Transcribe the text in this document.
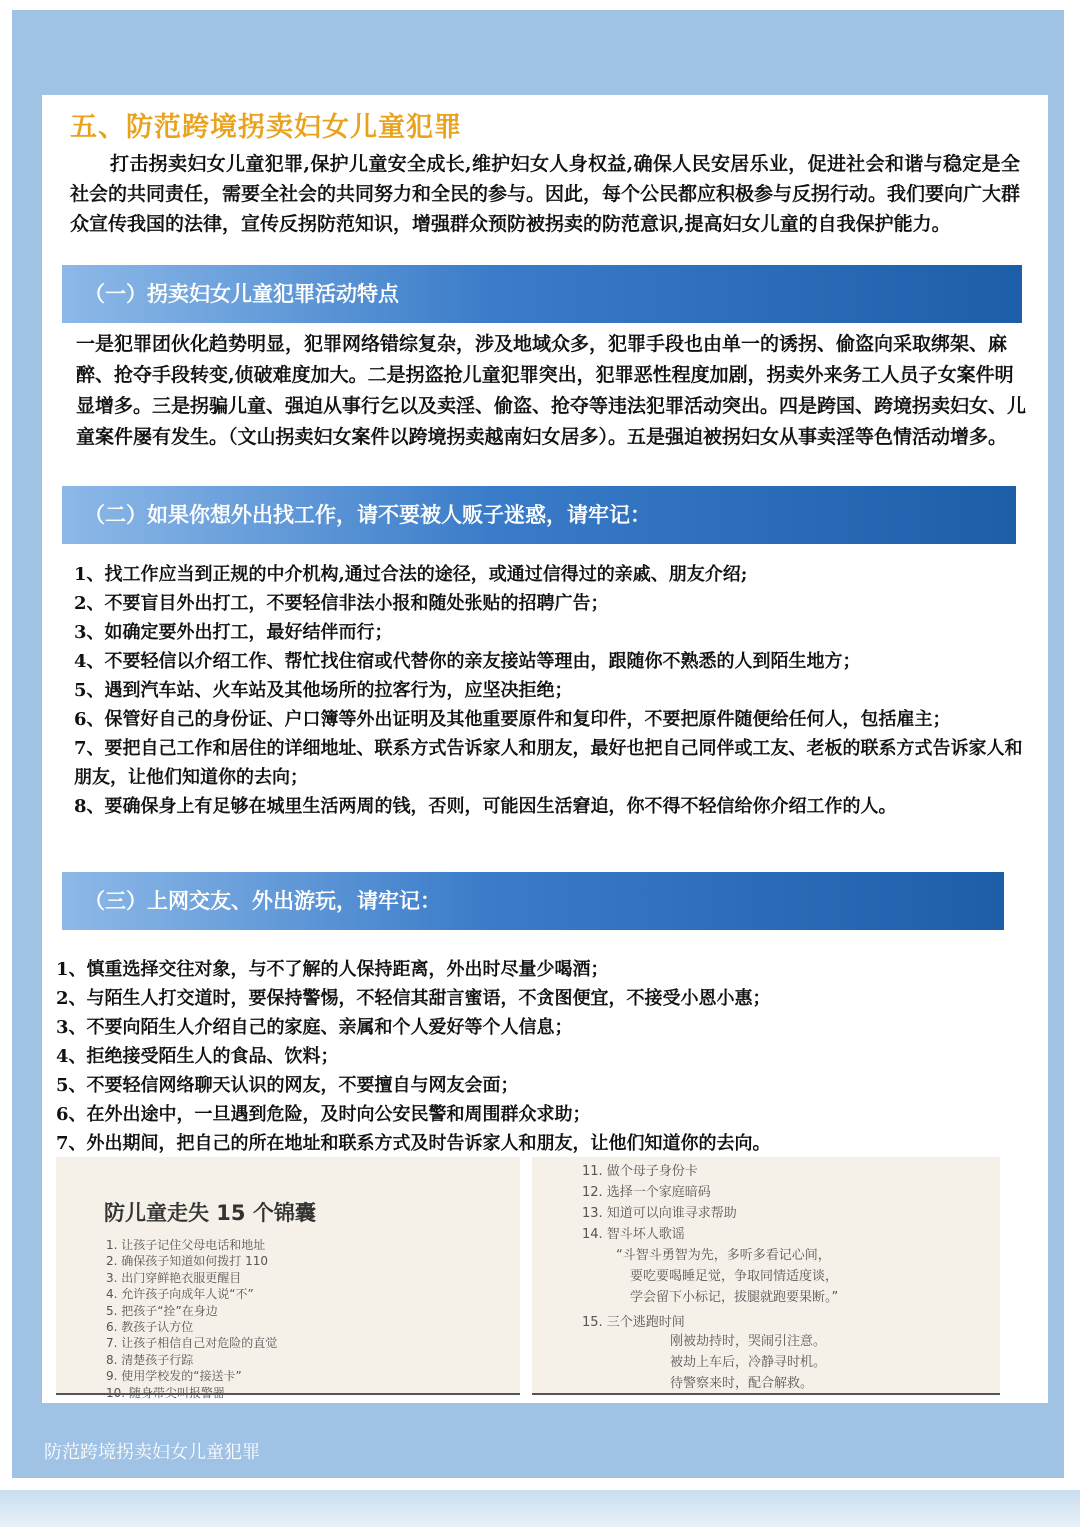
五、防范跨境拐卖妇女儿童犯罪
打击拐卖妇女儿童犯罪,保护儿童安全成长,维护妇女人身权益,确保人民安居乐业，促进社会和谐与稳定是全社会的共同责任，需要全社会的共同努力和全民的参与。因此，每个公民都应积极参与反拐行动。我们要向广大群众宣传我国的法律，宣传反拐防范知识，增强群众预防被拐卖的防范意识,提高妇女儿童的自我保护能力。
（一）拐卖妇女儿童犯罪活动特点
一是犯罪团伙化趋势明显，犯罪网络错综复杂，涉及地域众多，犯罪手段也由单一的诱拐、偷盗向采取绑架、麻醉、抢夺手段转变,侦破难度加大。二是拐盗抢儿童犯罪突出，犯罪恶性程度加剧，拐卖外来务工人员子女案件明显增多。三是拐骗儿童、强迫从事行乞以及卖淫、偷盗、抢夺等违法犯罪活动突出。四是跨国、跨境拐卖妇女、儿童案件屡有发生。（文山拐卖妇女案件以跨境拐卖越南妇女居多）。五是强迫被拐妇女从事卖淫等色情活动增多。
（二）如果你想外出找工作，请不要被人贩子迷惑，请牢记：
1、找工作应当到正规的中介机构,通过合法的途径，或通过信得过的亲戚、朋友介绍;
2、不要盲目外出打工，不要轻信非法小报和随处张贴的招聘广告；
3、如确定要外出打工，最好结伴而行；
4、不要轻信以介绍工作、帮忙找住宿或代替你的亲友接站等理由，跟随你不熟悉的人到陌生地方；
5、遇到汽车站、火车站及其他场所的拉客行为，应坚决拒绝；
6、保管好自己的身份证、户口簿等外出证明及其他重要原件和复印件，不要把原件随便给任何人，包括雇主；
7、要把自己工作和居住的详细地址、联系方式告诉家人和朋友，最好也把自己同伴或工友、老板的联系方式告诉家人和朋友，让他们知道你的去向；
8、要确保身上有足够在城里生活两周的钱，否则，可能因生活窘迫，你不得不轻信给你介绍工作的人。
（三）上网交友、外出游玩，请牢记：
1、慎重选择交往对象，与不了解的人保持距离，外出时尽量少喝酒；
2、与陌生人打交道时，要保持警惕，不轻信其甜言蜜语，不贪图便宜，不接受小恩小惠；
3、不要向陌生人介绍自己的家庭、亲属和个人爱好等个人信息；
4、拒绝接受陌生人的食品、饮料；
5、不要轻信网络聊天认识的网友，不要擅自与网友会面；
6、在外出途中，一旦遇到危险，及时向公安民警和周围群众求助；
7、外出期间，把自己的所在地址和联系方式及时告诉家人和朋友，让他们知道你的去向。
防儿童走失 15 个锦囊
1. 让孩子记住父母电话和地址
2. 确保孩子知道如何拨打 110
3. 出门穿鲜艳衣服更醒目
4. 允许孩子向成年人说“不”
5. 把孩子“拴”在身边
6. 教孩子认方位
7. 让孩子相信自己对危险的直觉
8. 清楚孩子行踪
9. 使用学校发的“接送卡”
10. 随身带尖叫报警器
11. 做个母子身份卡
12. 选择一个家庭暗码
13. 知道可以向谁寻求帮助
14. 智斗坏人歌谣
“斗智斗勇智为先，多听多看记心间，
要吃要喝睡足觉，争取同情适度谈，
学会留下小标记，拔腿就跑要果断。”
15. 三个逃跑时间
刚被劫持时，哭闹引注意。
被劫上车后，冷静寻时机。
待警察来时，配合解救。
防范跨境拐卖妇女儿童犯罪
